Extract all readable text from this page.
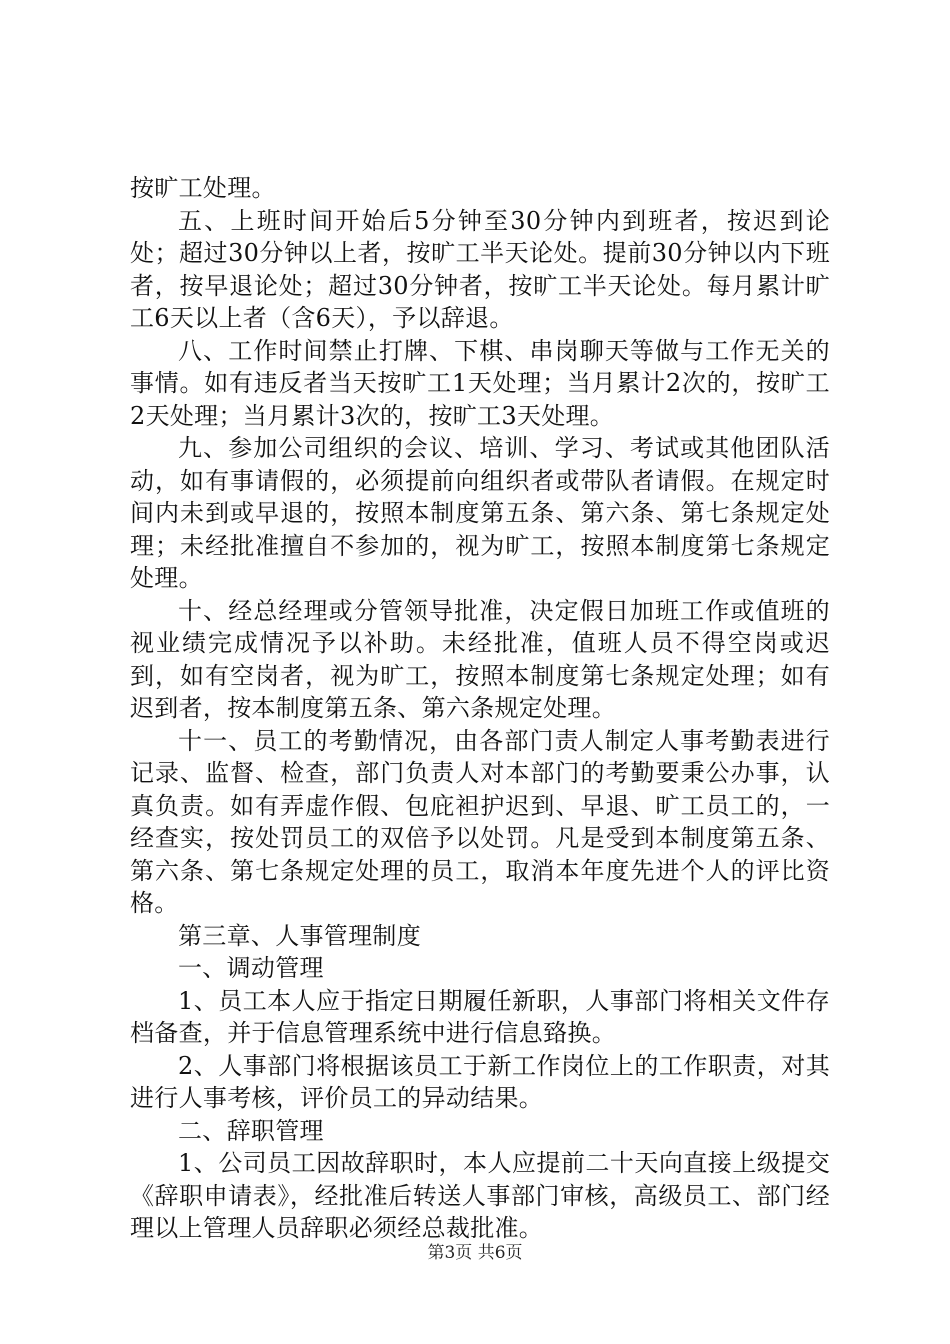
按旷工处理。

五、上班时间开始后5分钟至30分钟内到班者，按迟到论处；超过30分钟以上者，按旷工半天论处。提前30分钟以内下班者，按早退论处；超过30分钟者，按旷工半天论处。每月累计旷工6天以上者（含6天），予以辞退。

八、工作时间禁止打牌、下棋、串岗聊天等做与工作无关的事情。如有违反者当天按旷工1天处理；当月累计2次的，按旷工2天处理；当月累计3次的，按旷工3天处理。

九、参加公司组织的会议、培训、学习、考试或其他团队活动，如有事请假的，必须提前向组织者或带队者请假。在规定时间内未到或早退的，按照本制度第五条、第六条、第七条规定处理；未经批准擅自不参加的，视为旷工，按照本制度第七条规定处理。

十、经总经理或分管领导批准，决定假日加班工作或值班的视业绩完成情况予以补助。未经批准，值班人员不得空岗或迟到，如有空岗者，视为旷工，按照本制度第七条规定处理；如有迟到者，按本制度第五条、第六条规定处理。

十一、员工的考勤情况，由各部门责人制定人事考勤表进行记录、监督、检查，部门负责人对本部门的考勤要秉公办事，认真负责。如有弄虚作假、包庇袒护迟到、早退、旷工员工的，一经查实，按处罚员工的双倍予以处罚。凡是受到本制度第五条、第六条、第七条规定处理的员工，取消本年度先进个人的评比资格。

第三章、人事管理制度

一、调动管理

1、员工本人应于指定日期履任新职，人事部门将相关文件存档备查，并于信息管理系统中进行信息臵换。

2、人事部门将根据该员工于新工作岗位上的工作职责，对其进行人事考核，评价员工的异动结果。

二、辞职管理

1、公司员工因故辞职时，本人应提前二十天向直接上级提交《辞职申请表》，经批准后转送人事部门审核，高级员工、部门经理以上管理人员辞职必须经总裁批准。

第3页 共6页
